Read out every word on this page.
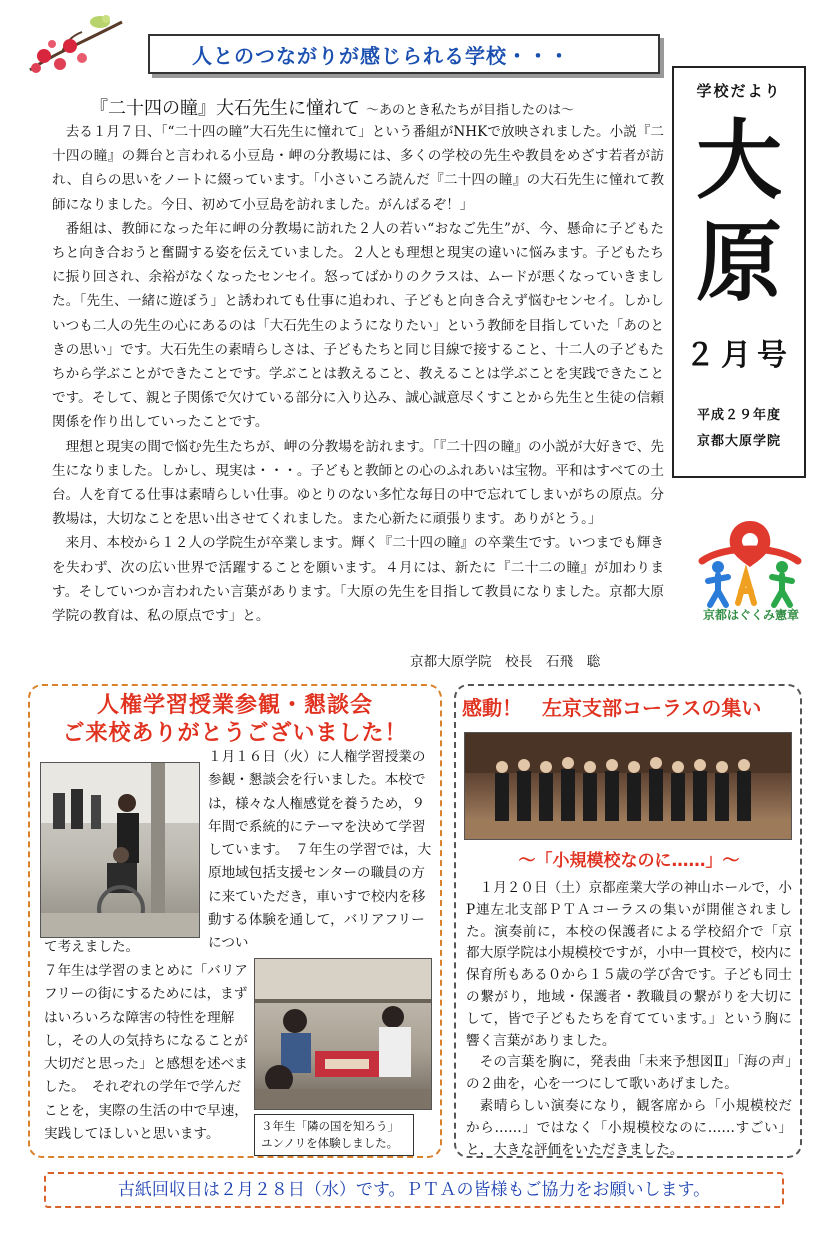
人とのつながりが感じられる学校・・・
学校だより
大
原
２月号
平成２９年度
京都大原学院
『二十四の瞳』大石先生に憧れて ～あのとき私たちが目指したのは～

去る１月７日、「“二十四の瞳”大石先生に憧れて」という番組がNHKで放映されました。小説『二十四の瞳』の舞台と言われる小豆島・岬の分教場には、多くの学校の先生や教員をめざす若者が訪れ、自らの思いをノートに綴っています。「小さいころ読んだ『二十四の瞳』の大石先生に憧れて教師になりました。今日、初めて小豆島を訪れました。がんばるぞ！」

番組は、教師になった年に岬の分教場に訪れた２人の若い“おなご先生”が、今、懸命に子どもたちと向き合おうと奮闘する姿を伝えていました。２人とも理想と現実の違いに悩みます。子どもたちに振り回され、余裕がなくなったセンセイ。怒ってばかりのクラスは、ムードが悪くなっていきました。「先生、一緒に遊ぼう」と誘われても仕事に追われ、子どもと向き合えず悩むセンセイ。しかしいつも二人の先生の心にあるのは「大石先生のようになりたい」という教師を目指していた「あのときの思い」です。大石先生の素晴らしさは、子どもたちと同じ目線で接すること、十二人の子どもたちから学ぶことができたことです。学ぶことは教えること、教えることは学ぶことを実践できたことです。そして、親と子関係で欠けている部分に入り込み、誠心誠意尽くすことから先生と生徒の信頼関係を作り出していったことです。

理想と現実の間で悩む先生たちが、岬の分教場を訪れます。「『二十四の瞳』の小説が大好きで、先生になりました。しかし、現実は・・・。子どもと教師との心のふれあいは宝物。平和はすべての土台。人を育てる仕事は素晴らしい仕事。ゆとりのない多忙な毎日の中で忘れてしまいがちの原点。分教場は，大切なことを思い出させてくれました。また心新たに頑張ります。ありがとう。」

来月、本校から１２人の学院生が卒業します。輝く『二十四の瞳』の卒業生です。いつまでも輝きを失わず、次の広い世界で活躍することを願います。４月には、新たに『二十二の瞳』が加わります。そしていつか言われたい言葉があります。「大原の先生を目指して教員になりました。京都大原学院の教育は、私の原点です」と。

京都大原学院　校長　石飛　聡
PTA
京都はぐくみ憲章
人権学習授業参観・懇談会
ご来校ありがとうございました！
１月１６日（火）に人権学習授業の参観・懇談会を行いました。本校では，様々な人権感覚を養うため，９年間で系統的にテーマを決めて学習しています。　７年生の学習では，大原地域包括支援センターの職員の方に来ていただき，車いすで校内を移動する体験を通して，バリアフリーについ
て考えました。
７年生は学習のまとめに「バリアフリーの街にするためには，まずはいろいろな障害の特性を理解し，その人の気持ちになることが大切だと思った」と感想を述べました。　それぞれの学年で学んだことを，実際の生活の中で早速，実践してほしいと思います。
３年生「隣の国を知ろう」ユンノリを体験しました。
感動！　左京支部コーラスの集い
～「小規模校なのに……」～

１月２０日（土）京都産業大学の神山ホールで，小P連左北支部ＰＴＡコーラスの集いが開催されました。演奏前に，本校の保護者による学校紹介で「京都大原学院は小規模校ですが，小中一貫校で，校内に保育所もある０から１５歳の学び舎です。子ども同士の繋がり，地域・保護者・教職員の繋がりを大切にして，皆で子どもたちを育てています。」という胸に響く言葉がありました。

その言葉を胸に，発表曲「未来予想図Ⅱ」「海の声」の２曲を，心を一つにして歌いあげました。

素晴らしい演奏になり，観客席から「小規模校だから……」ではなく「小規模校なのに……すごい」と，大きな評価をいただきました。

古紙回収日は２月２８日（水）です。ＰＴＡの皆様もご協力をお願いします。
